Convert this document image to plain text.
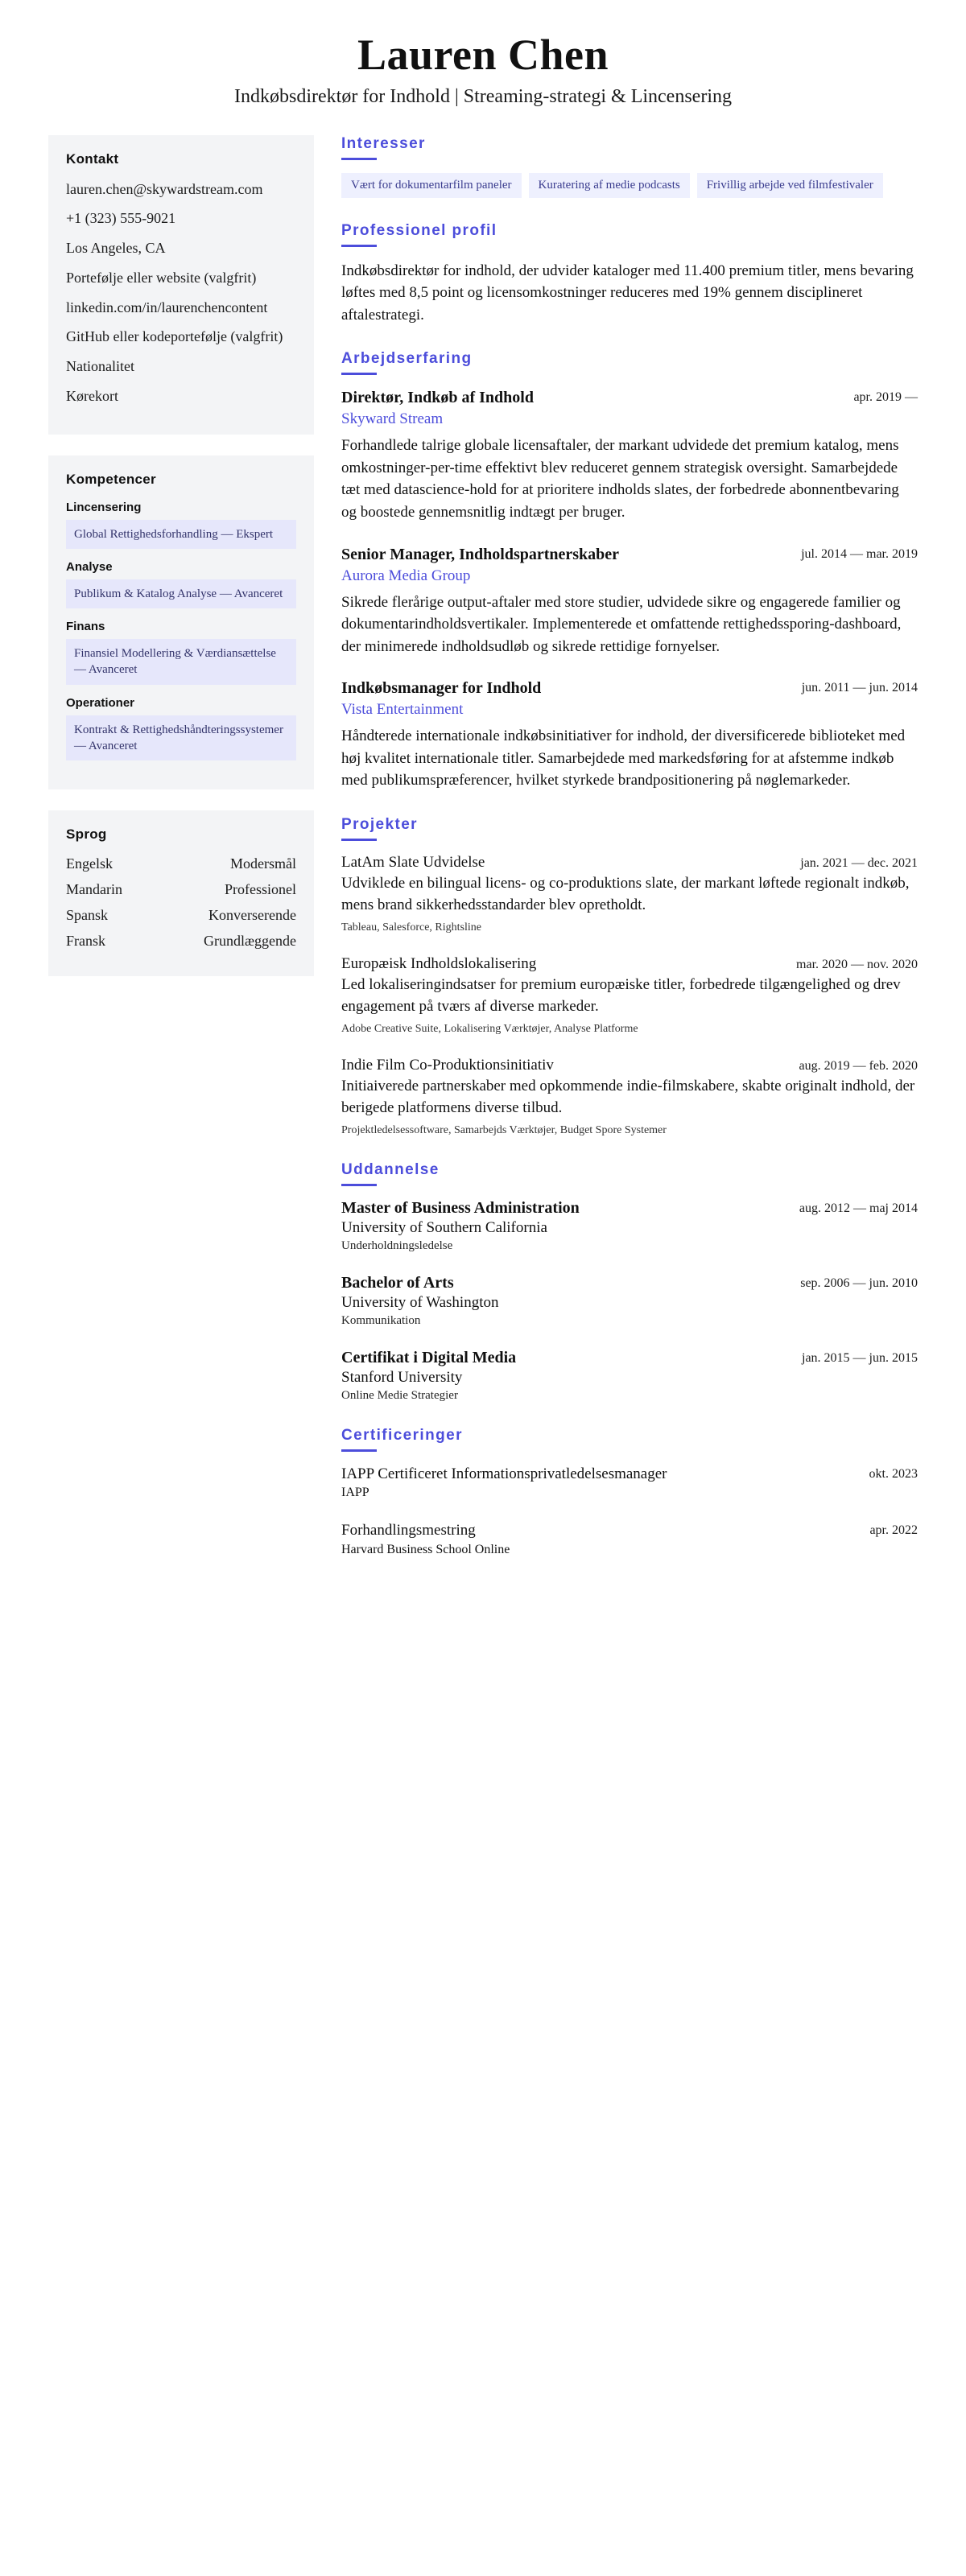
Lauren Chen
Indkøbsdirektør for Indhold | Streaming-strategi & Lincensering
Kontakt
lauren.chen@skywardstream.com
+1 (323) 555-9021
Los Angeles, CA
Portefølje eller website (valgfrit)
linkedin.com/in/laurenchencontent
GitHub eller kodeportefølje (valgfrit)
Nationalitet
Kørekort
Kompetencer
Lincensering
Global Rettighedsforhandling — Ekspert
Analyse
Publikum & Katalog Analyse — Avanceret
Finans
Finansiel Modellering & Værdiansættelse — Avanceret
Operationer
Kontrakt & Rettighedshåndteringssystemer — Avanceret
Sprog
Engelsk	Modersmål
Mandarin	Professionel
Spansk	Konverserende
Fransk	Grundlæggende
Interesser
Vært for dokumentarfilm paneler	Kuratering af medie podcasts	Frivillig arbejde ved filmfestivaler
Professionel profil
Indkøbsdirektør for indhold, der udvider kataloger med 11.400 premium titler, mens bevaring løftes med 8,5 point og licensomkostninger reduceres med 19% gennem disciplineret aftalestrategi.
Arbejdserfaring
Direktør, Indkøb af Indhold	apr. 2019 —
Skyward Stream
Forhandlede talrige globale licensaftaler, der markant udvidede det premium katalog, mens omkostninger-per-time effektivt blev reduceret gennem strategisk oversight. Samarbejdede tæt med datascience-hold for at prioritere indholds slates, der forbedrede abonnentbevaring og boostede gennemsnitlig indtægt per bruger.
Senior Manager, Indholdspartnerskaber	jul. 2014 — mar. 2019
Aurora Media Group
Sikrede flerårige output-aftaler med store studier, udvidede sikre og engagerede familier og dokumentarindholdsvertikaler. Implementerede et omfattende rettighedssporing-dashboard, der minimerede indholdsudløb og sikrede rettidige fornyelser.
Indkøbsmanager for Indhold	jun. 2011 — jun. 2014
Vista Entertainment
Håndterede internationale indkøbsinitiativer for indhold, der diversificerede biblioteket med høj kvalitet internationale titler. Samarbejdede med markedsføring for at afstemme indkøb med publikumspræferencer, hvilket styrkede brandpositionering på nøglemarkeder.
Projekter
LatAm Slate Udvidelse	jan. 2021 — dec. 2021
Udviklede en bilingual licens- og co-produktions slate, der markant løftede regionalt indkøb, mens brand sikkerhedsstandarder blev opretholdt.
Tableau, Salesforce, Rightsline
Europæisk Indholdslokalisering	mar. 2020 — nov. 2020
Led lokaliseringindsatser for premium europæiske titler, forbedrede tilgængelighed og drev engagement på tværs af diverse markeder.
Adobe Creative Suite, Lokalisering Værktøjer, Analyse Platforme
Indie Film Co-Produktionsinitiativ	aug. 2019 — feb. 2020
Initiaiverede partnerskaber med opkommende indie-filmskabere, skabte originalt indhold, der berigede platformens diverse tilbud.
Projektledelsessoftware, Samarbejds Værktøjer, Budget Spore Systemer
Uddannelse
Master of Business Administration	aug. 2012 — maj 2014
University of Southern California
Underholdningsledelse
Bachelor of Arts	sep. 2006 — jun. 2010
University of Washington
Kommunikation
Certifikat i Digital Media	jan. 2015 — jun. 2015
Stanford University
Online Medie Strategier
Certificeringer
IAPP Certificeret Informationsprivatledelsesmanager	okt. 2023
IAPP
Forhandlingsmestring	apr. 2022
Harvard Business School Online
